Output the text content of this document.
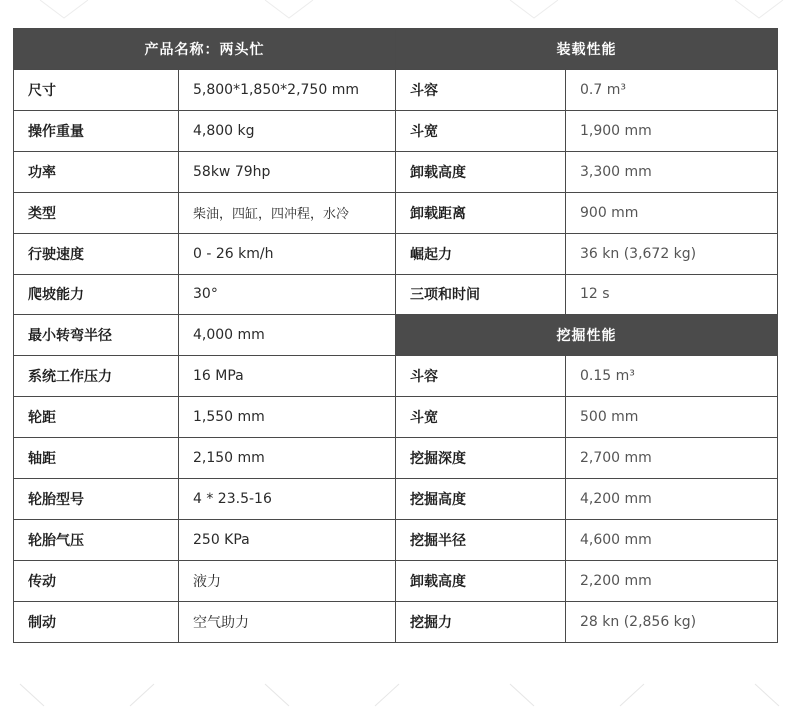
产品名称：两头忙		装载性能	
尺寸	5,800*1,850*2,750 mm	斗容	0.7 m³
操作重量	4,800 kg	斗宽	1,900 mm
功率	58kw 79hp	卸载高度	3,300 mm
类型	柴油，四缸，四冲程，水冷	卸载距离	900 mm
行驶速度	0 - 26 km/h	崛起力	36 kn (3,672 kg)
爬坡能力	30°	三项和时间	12 s
最小转弯半径	4,000 mm	挖掘性能	
系统工作压力	16 MPa	斗容	0.15 m³
轮距	1,550 mm	斗宽	500 mm
轴距	2,150 mm	挖掘深度	2,700 mm
轮胎型号	4 * 23.5-16	挖掘高度	4,200 mm
轮胎气压	250 KPa	挖掘半径	4,600 mm
传动	液力	卸载高度	2,200 mm
制动	空气助力	挖掘力	28 kn (2,856 kg)
